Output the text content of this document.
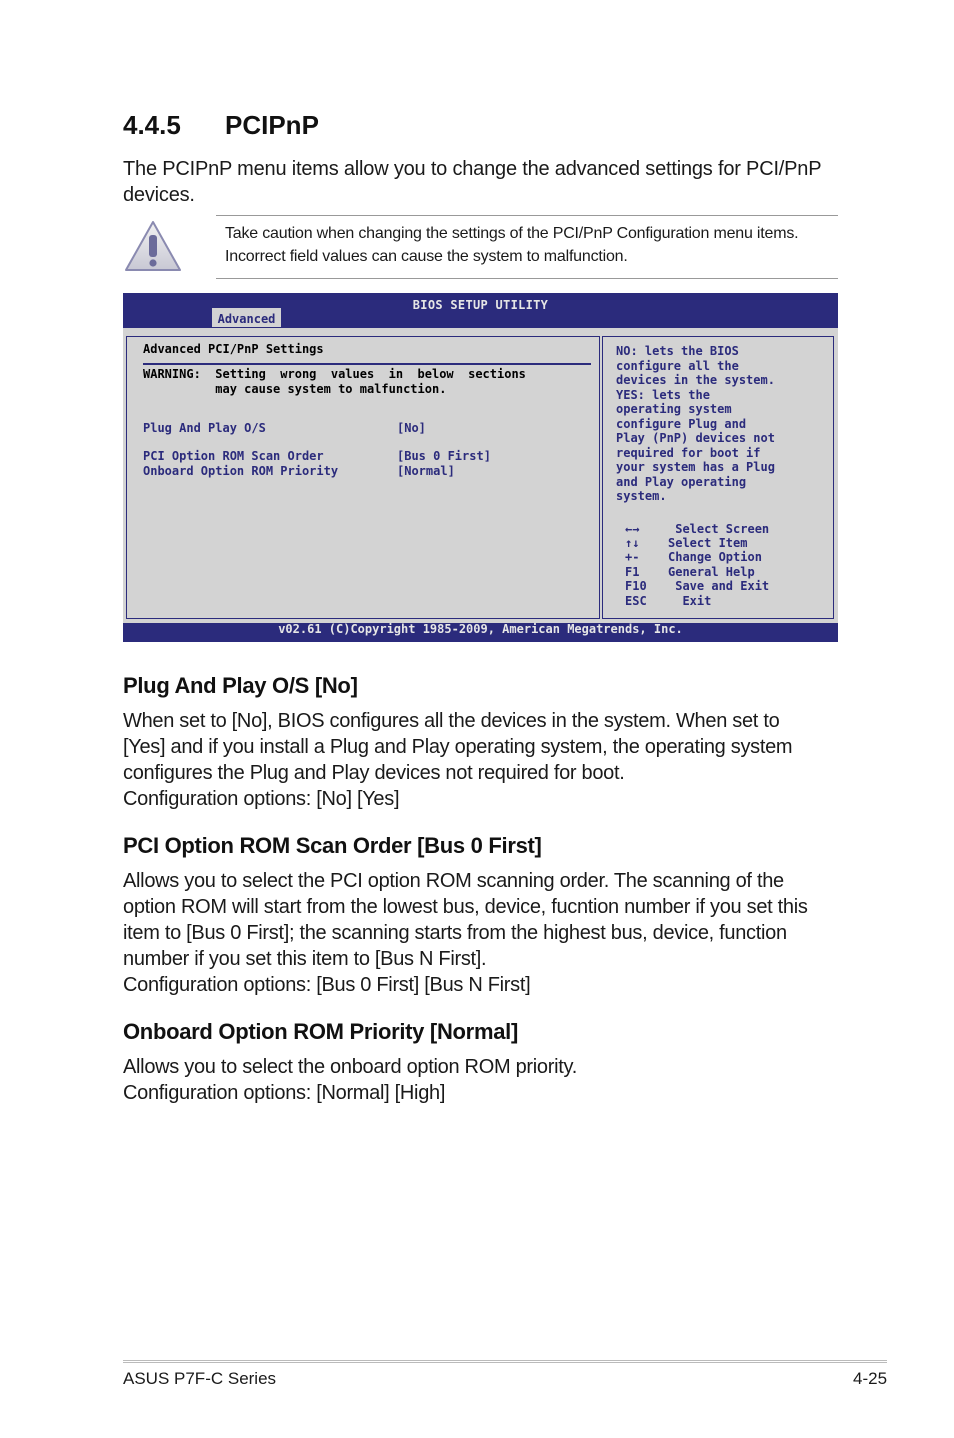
4.4.5	PCIPnP
The PCIPnP menu items allow you to change the advanced settings for PCI/PnP devices.
Take caution when changing the settings of the PCI/PnP Configuration menu items. Incorrect field values can cause the system to malfunction.
BIOS SETUP UTILITY
Advanced
Advanced PCI/PnP Settings
WARNING:  Setting  wrong  values  in  below  sections
may cause system to malfunction.
Plug And Play O/S	[No]
PCI Option ROM Scan Order	[Bus 0 First]
Onboard Option ROM Priority	[Normal]
NO: lets the BIOS
configure all the
devices in the system.
YES: lets the
operating system
configure Plug and
Play (PnP) devices not
required for boot if
your system has a Plug
and Play operating
system.
←→ Select Screen
↑↓ Select Item
+- Change Option
F1 General Help
F10 Save and Exit
ESC Exit
v02.61 (C)Copyright 1985-2009, American Megatrends, Inc.
Plug And Play O/S [No]
When set to [No], BIOS configures all the devices in the system. When set to
[Yes] and if you install a Plug and Play operating system, the operating system
configures the Plug and Play devices not required for boot.
Configuration options: [No] [Yes]
PCI Option ROM Scan Order [Bus 0 First]
Allows you to select the PCI option ROM scanning order. The scanning of the
option ROM will start from the lowest bus, device, fucntion number if you set this
item to [Bus 0 First]; the scanning starts from the highest bus, device, function
number if you set this item to [Bus N First].
Configuration options: [Bus 0 First] [Bus N First]
Onboard Option ROM Priority [Normal]
Allows you to select the onboard option ROM priority.
Configuration options: [Normal] [High]
ASUS P7F-C Series	4-25
